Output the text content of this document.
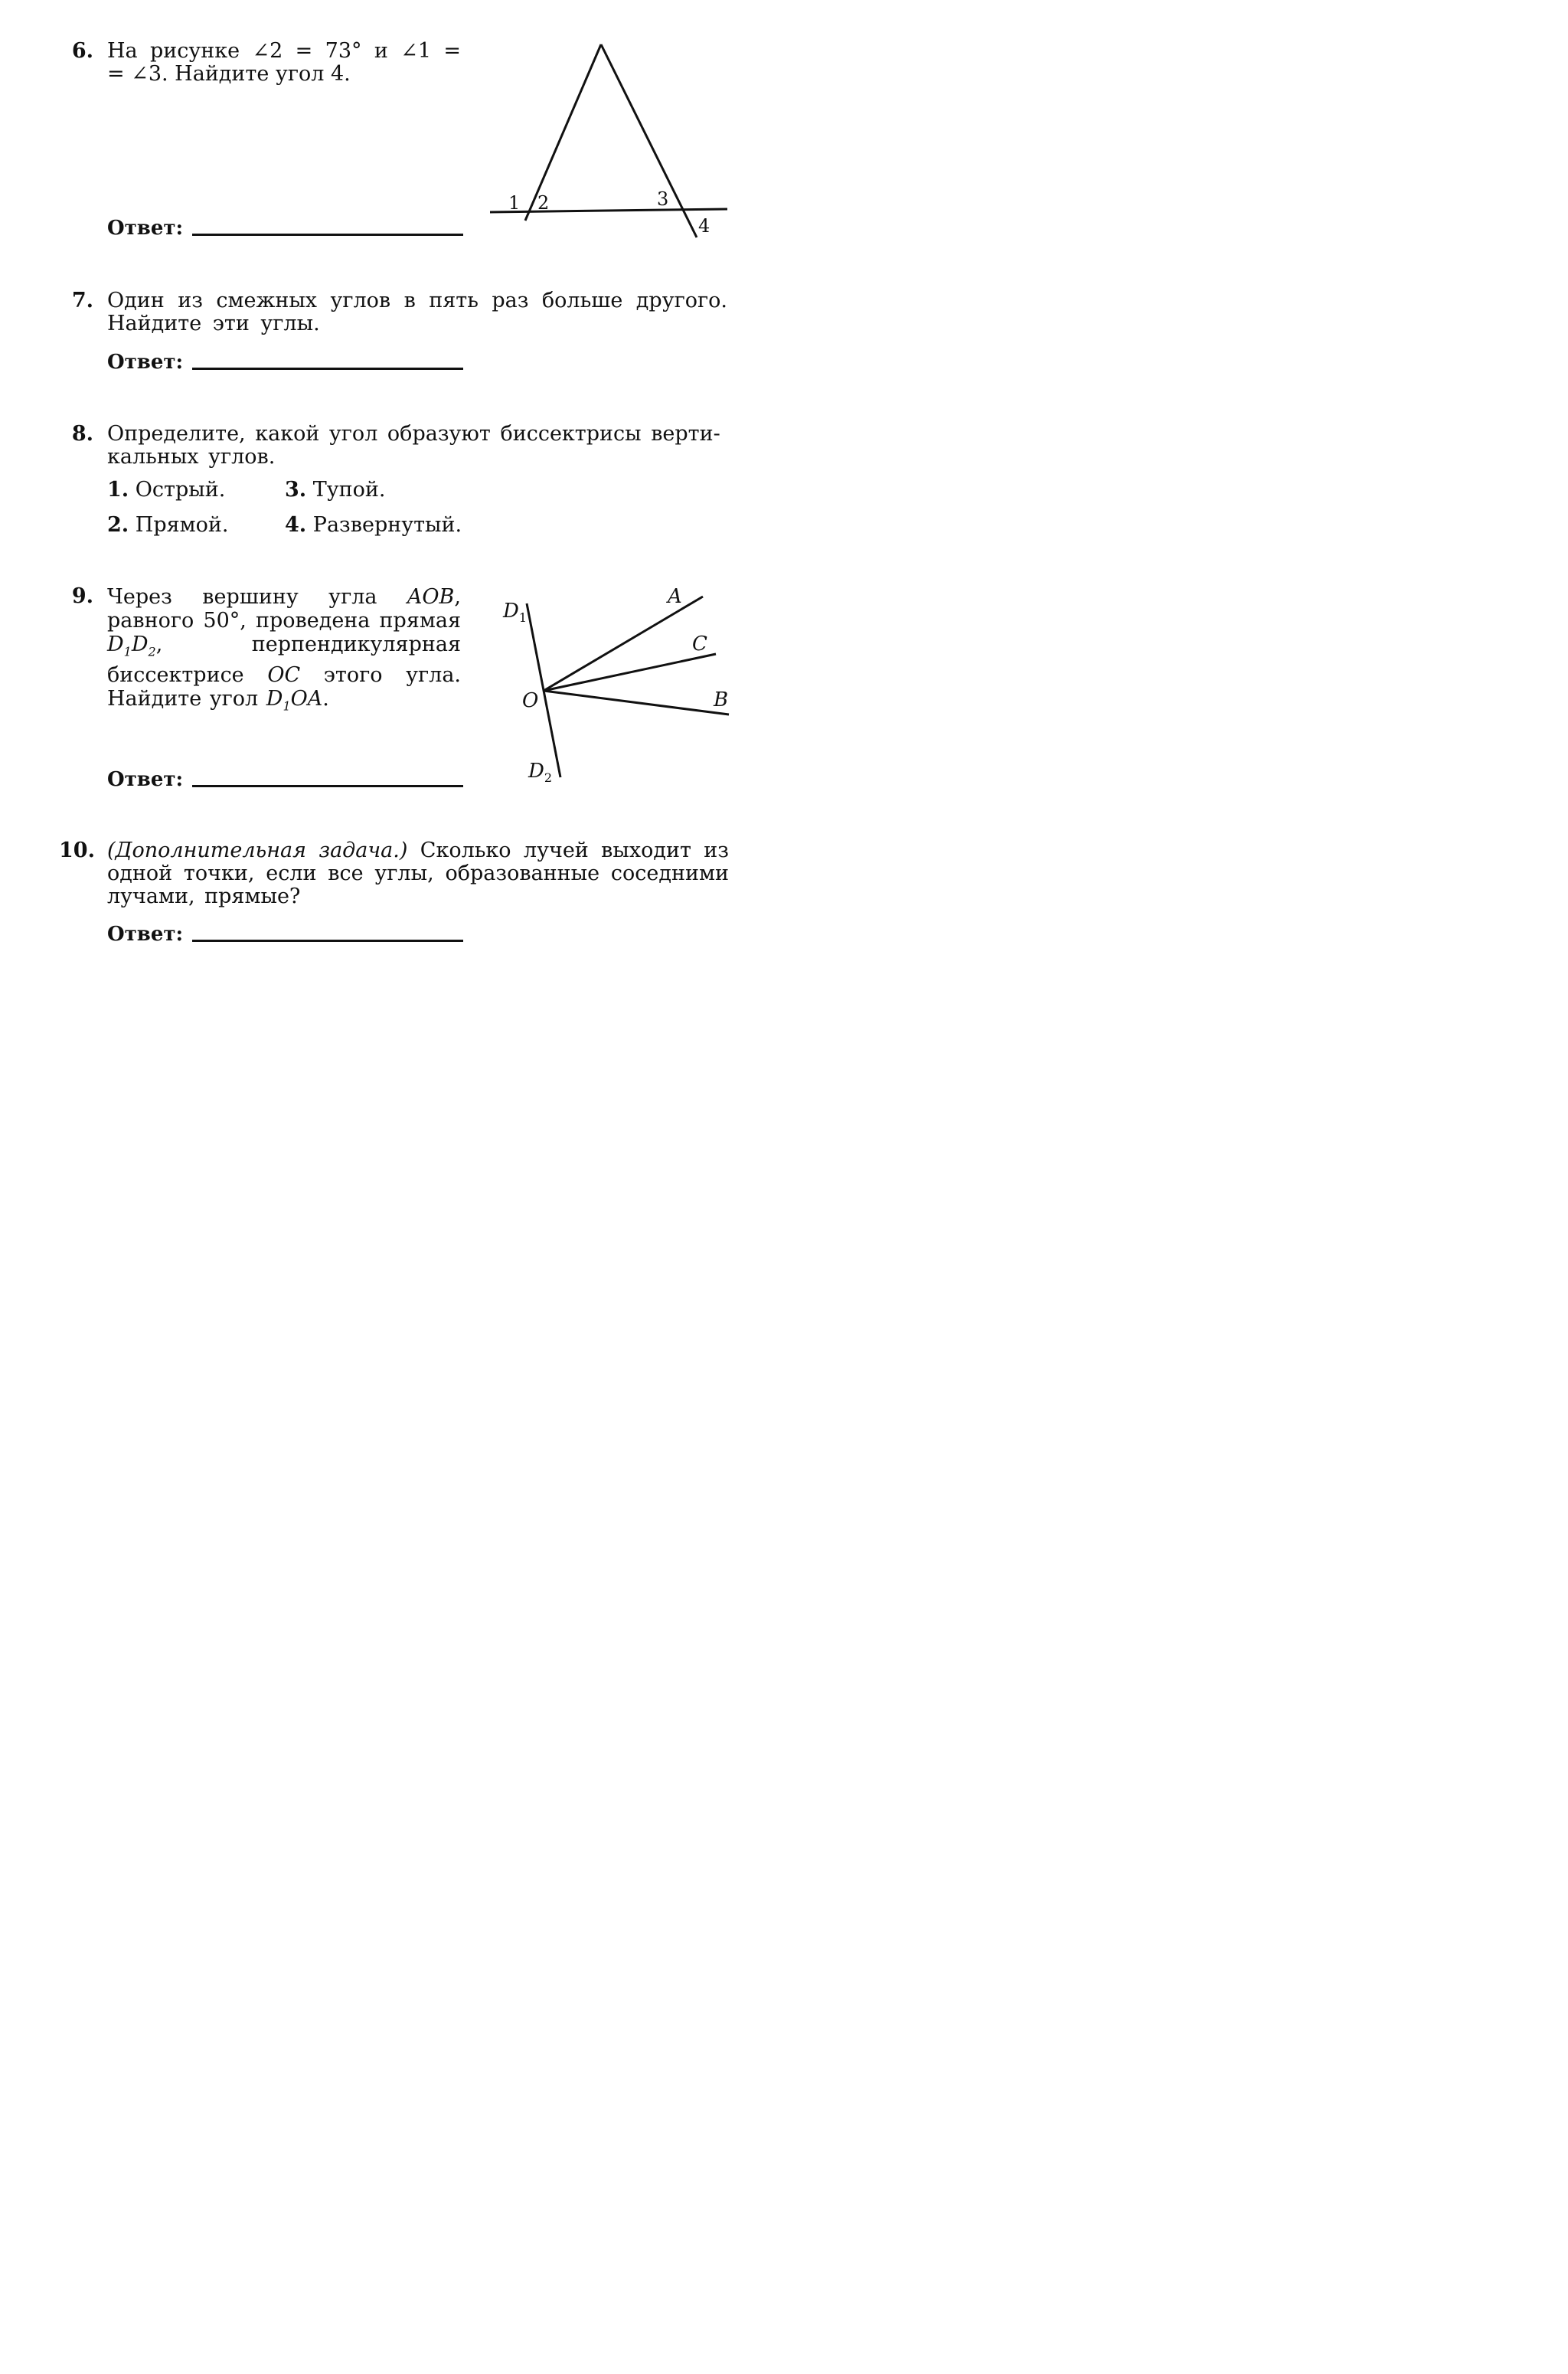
6. На рисунке ∠2 = 73° и ∠1 =
= ∠3. Найдите угол 4.
Ответ:
1 2	3
4
7. Один из смежных углов в пять раз больше другого. Найдите эти углы.
Ответ:
8. Определите, какой угол образуют биссектрисы верти-
кальных углов.
1. Острый.
2. Прямой.
3. Тупой.
4. Развернутый.
9. Через вершину угла AOB, равного 50°, проведена прямая $D_1D_2$, перпендикулярная биссектрисе OC этого угла. Найдите угол $D_1OA$.
Ответ:
A
C
B
O
$D_1$
$D_2$
10. (Дополнительная задача.) Сколько лучей выходит из одной точки, если все углы, образованные соседними лучами, прямые?
Ответ:
